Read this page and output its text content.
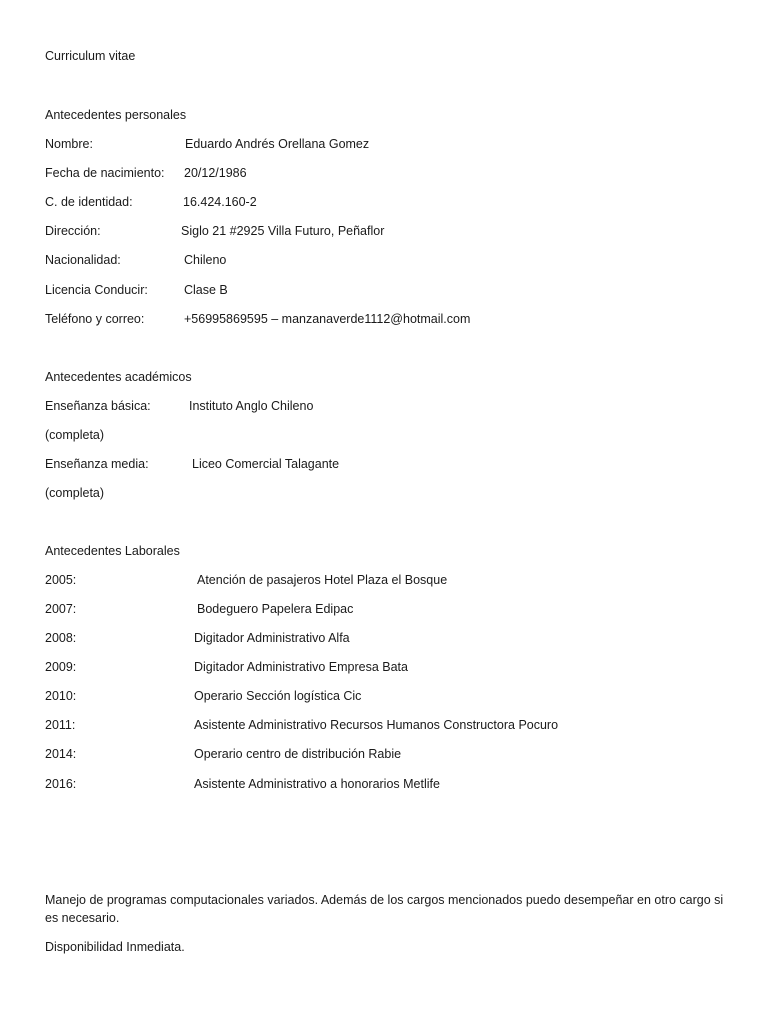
Curriculum vitae
Antecedentes personales
Nombre:	Eduardo Andrés Orellana Gomez
Fecha de nacimiento: 20/12/1986
C. de identidad:	16.424.160-2
Dirección:	Siglo 21 #2925 Villa Futuro, Peñaflor
Nacionalidad:	Chileno
Licencia Conducir:	Clase B
Teléfono y correo:	+56995869595 – manzanaverde1112@hotmail.com
Antecedentes académicos
Enseñanza básica:	Instituto Anglo Chileno
(completa)
Enseñanza media:	Liceo Comercial Talagante
(completa)
Antecedentes Laborales
2005:	Atención de pasajeros Hotel Plaza el Bosque
2007:	Bodeguero Papelera Edipac
2008:	Digitador Administrativo Alfa
2009:	Digitador Administrativo Empresa Bata
2010:	Operario Sección logística Cic
2011:	Asistente Administrativo Recursos Humanos Constructora Pocuro
2014:	Operario centro de distribución Rabie
2016:	Asistente Administrativo a honorarios Metlife
Manejo de programas computacionales variados. Además de los cargos mencionados puedo desempeñar en otro cargo si es necesario.
Disponibilidad Inmediata.
